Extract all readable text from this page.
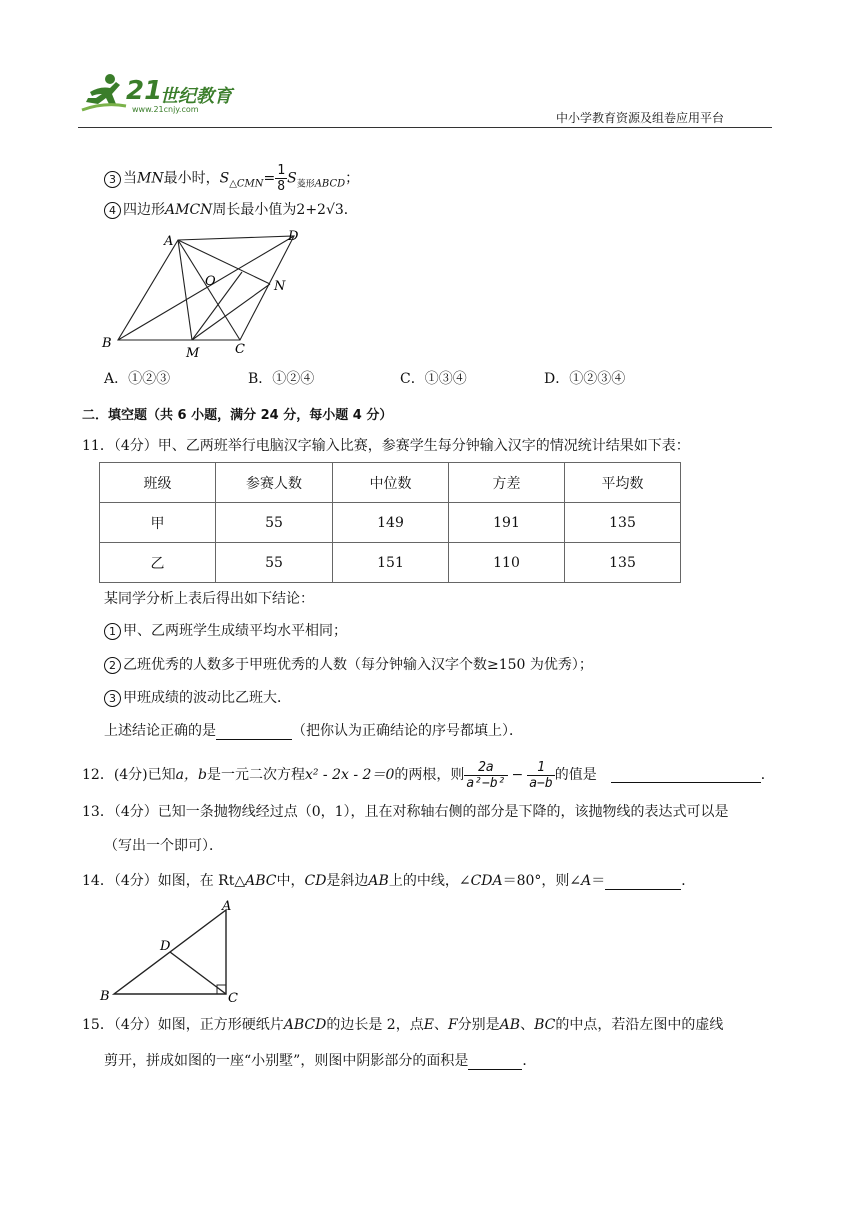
21
世纪教育
www.21cnjy.com
中小学教育资源及组卷应用平台
3 当MN最小时，$S_{\triangle CMN}= \frac{1}{8} S_{菱形ABCD}$；
4 四边形AMCN周长最小值为2+2√3．
A	D
O	N
B
M	C
A．①②③	B．①②④	C．①③④	D．①②③④
二．填空题（共 6 小题，满分 24 分，每小题 4 分）
11．（4分）甲、乙两班举行电脑汉字输入比赛，参赛学生每分钟输入汉字的情况统计结果如下表：
班级	参赛人数	中位数	方差	平均数
甲	55	149	191	135
乙	55	151	110	135
某同学分析上表后得出如下结论：
1 甲、乙两班学生成绩平均水平相同；
2 乙班优秀的人数多于甲班优秀的人数（每分钟输入汉字个数≥150 为优秀）；
3 甲班成绩的波动比乙班大．
上述结论正确的是	（把你认为正确结论的序号都填上）．
12．(4分)已知a，b是一元二次方程x² - 2x - 2＝0的两根，则 $\frac{2a}{\text{a²−b²}} - \frac{1}{a-b}$ 的值是	．
13．（4分）已知一条抛物线经过点（0，1），且在对称轴右侧的部分是下降的，该抛物线的表达式可以是
（写出一个即可）．
14．（4分）如图，在 Rt△ABC中，CD是斜边AB上的中线，∠CDA＝80°，则∠A＝	．
A
D
B	C
15．（4分）如图，正方形硬纸片ABCD的边长是 2，点E、F分别是AB、BC的中点，若沿左图中的虚线
剪开，拼成如图的一座“小别墅”，则图中阴影部分的面积是	．
